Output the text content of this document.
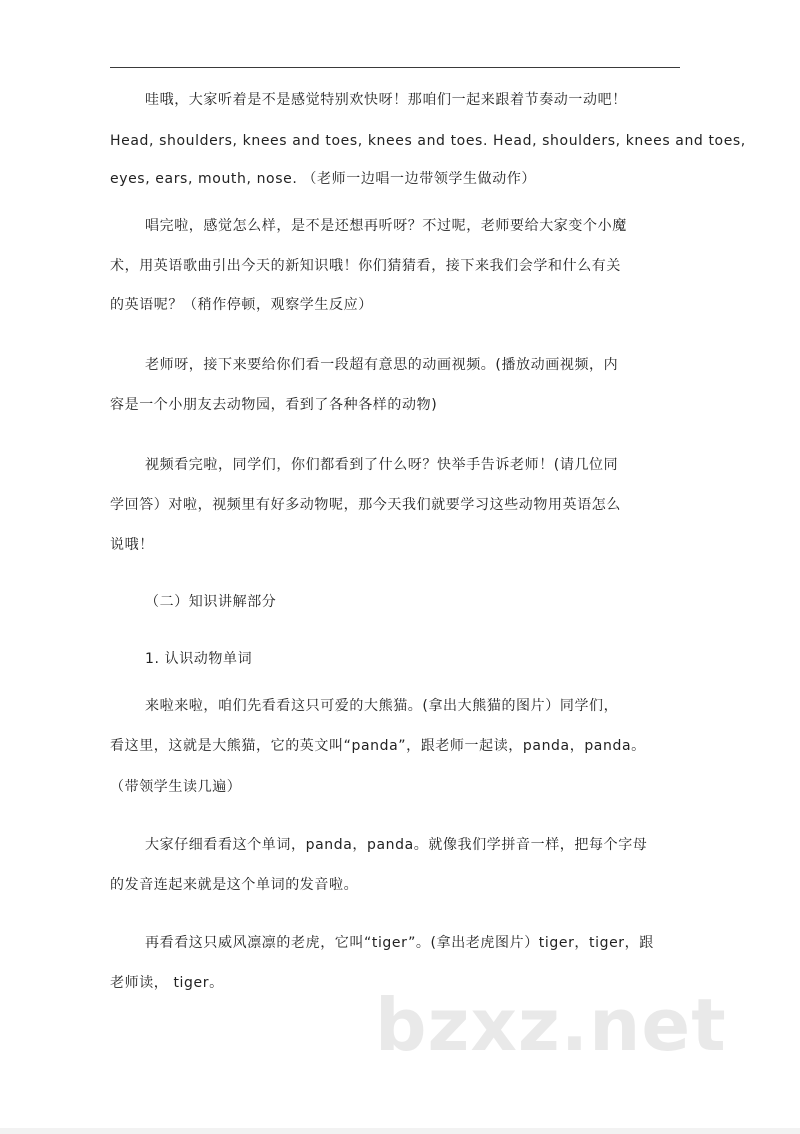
哇哦，大家听着是不是感觉特别欢快呀！那咱们一起来跟着节奏动一动吧！
Head, shoulders, knees and toes, knees and toes. Head, shoulders, knees and toes,
eyes, ears, mouth, nose. （老师一边唱一边带领学生做动作）
唱完啦，感觉怎么样，是不是还想再听呀？不过呢，老师要给大家变个小魔
术，用英语歌曲引出今天的新知识哦！你们猜猜看，接下来我们会学和什么有关
的英语呢？（稍作停顿，观察学生反应）
老师呀，接下来要给你们看一段超有意思的动画视频。(播放动画视频，内
容是一个小朋友去动物园，看到了各种各样的动物)
视频看完啦，同学们，你们都看到了什么呀？快举手告诉老师！(请几位同
学回答）对啦，视频里有好多动物呢，那今天我们就要学习这些动物用英语怎么
说哦！
（二）知识讲解部分
1. 认识动物单词
来啦来啦，咱们先看看这只可爱的大熊猫。(拿出大熊猫的图片）同学们，
看这里，这就是大熊猫，它的英文叫“panda”，跟老师一起读，panda，panda。
（带领学生读几遍）
大家仔细看看这个单词，panda，panda。就像我们学拼音一样，把每个字母
的发音连起来就是这个单词的发音啦。
再看看这只威风凛凛的老虎，它叫“tiger”。(拿出老虎图片）tiger，tiger，跟
老师读， tiger。 bzxz.net
